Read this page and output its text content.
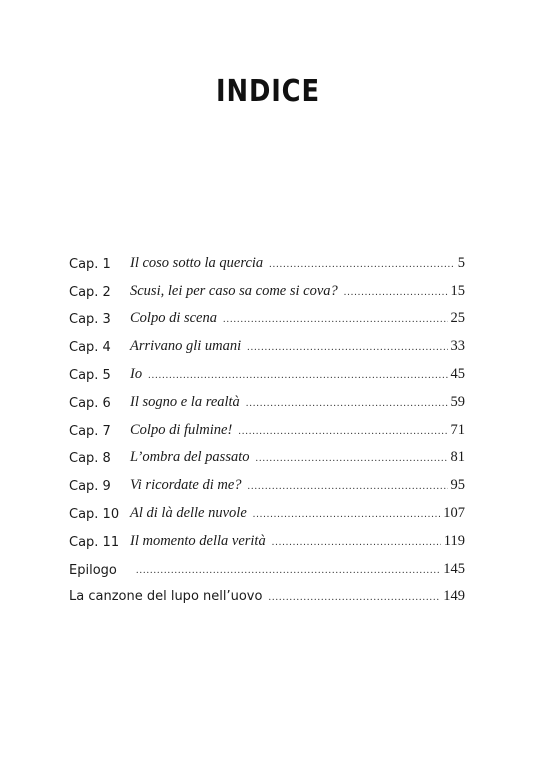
INDICE
Cap. 1 Il coso sotto la quercia .....	5
Cap. 2 Scusi, lei per caso sa come si cova? .....	15
Cap. 3 Colpo di scena .....	25
Cap. 4 Arrivano gli umani .....	33
Cap. 5 Io .....	45
Cap. 6 Il sogno e la realtà .....	59
Cap. 7 Colpo di fulmine! .....	71
Cap. 8 L’ombra del passato .....	81
Cap. 9 Vi ricordate di me? .....	95
Cap. 10 Al di là delle nuvole .....	107
Cap. 11 Il momento della verità .....	119
Epilogo .....	145
La canzone del lupo nell’uovo .....	149
